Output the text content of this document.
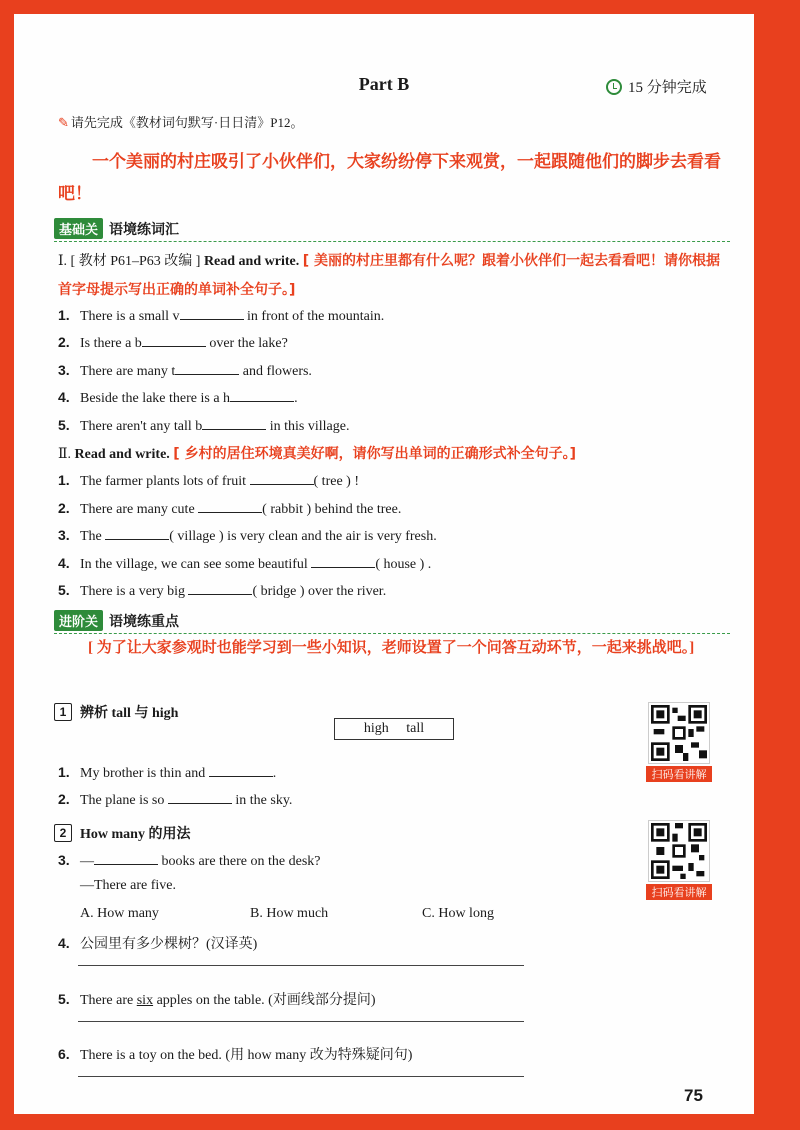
Part B	15 分钟完成
✎ 请先完成《教材词句默写·日日清》P12。
一个美丽的村庄吸引了小伙伴们，大家纷纷停下来观赏，一起跟随他们的脚步去看看吧！
基础关 语境练词汇
Ⅰ. [ 教材 P61–P63 改编 ] Read and write. [ 美丽的村庄里都有什么呢？跟着小伙伴们一起去看看吧！请你根据首字母提示写出正确的单词补全句子。]
1. There is a small v	in front of the mountain.
2. Is there a b	over the lake?
3. There are many t	and flowers.
4. Beside the lake there is a h	.
5. There aren't any tall b	in this village.
Ⅱ. Read and write. [ 乡村的居住环境真美好啊，请你写出单词的正确形式补全句子。]
1. The farmer plants lots of fruit	( tree ) !
2. There are many cute	( rabbit ) behind the tree.
3. The	( village ) is very clean and the air is very fresh.
4. In the village, we can see some beautiful	( house ) .
5. There is a very big	( bridge ) over the river.
进阶关 语境练重点
[ 为了让大家参观时也能学习到一些小知识，老师设置了一个问答互动环节，一起来挑战吧。]
1 辨析 tall 与 high
high tall
1. My brother is thin and	.
2. The plane is so	in the sky.
2 How many 的用法
3. —	books are there on the desk?
—There are five.
A. How many	B. How much	C. How long
4. 公园里有多少棵树？(汉译英)
5. There are six apples on the table. (对画线部分提问)
6. There is a toy on the bed. (用 how many 改为特殊疑问句)
扫码看讲解
扫码看讲解
75
